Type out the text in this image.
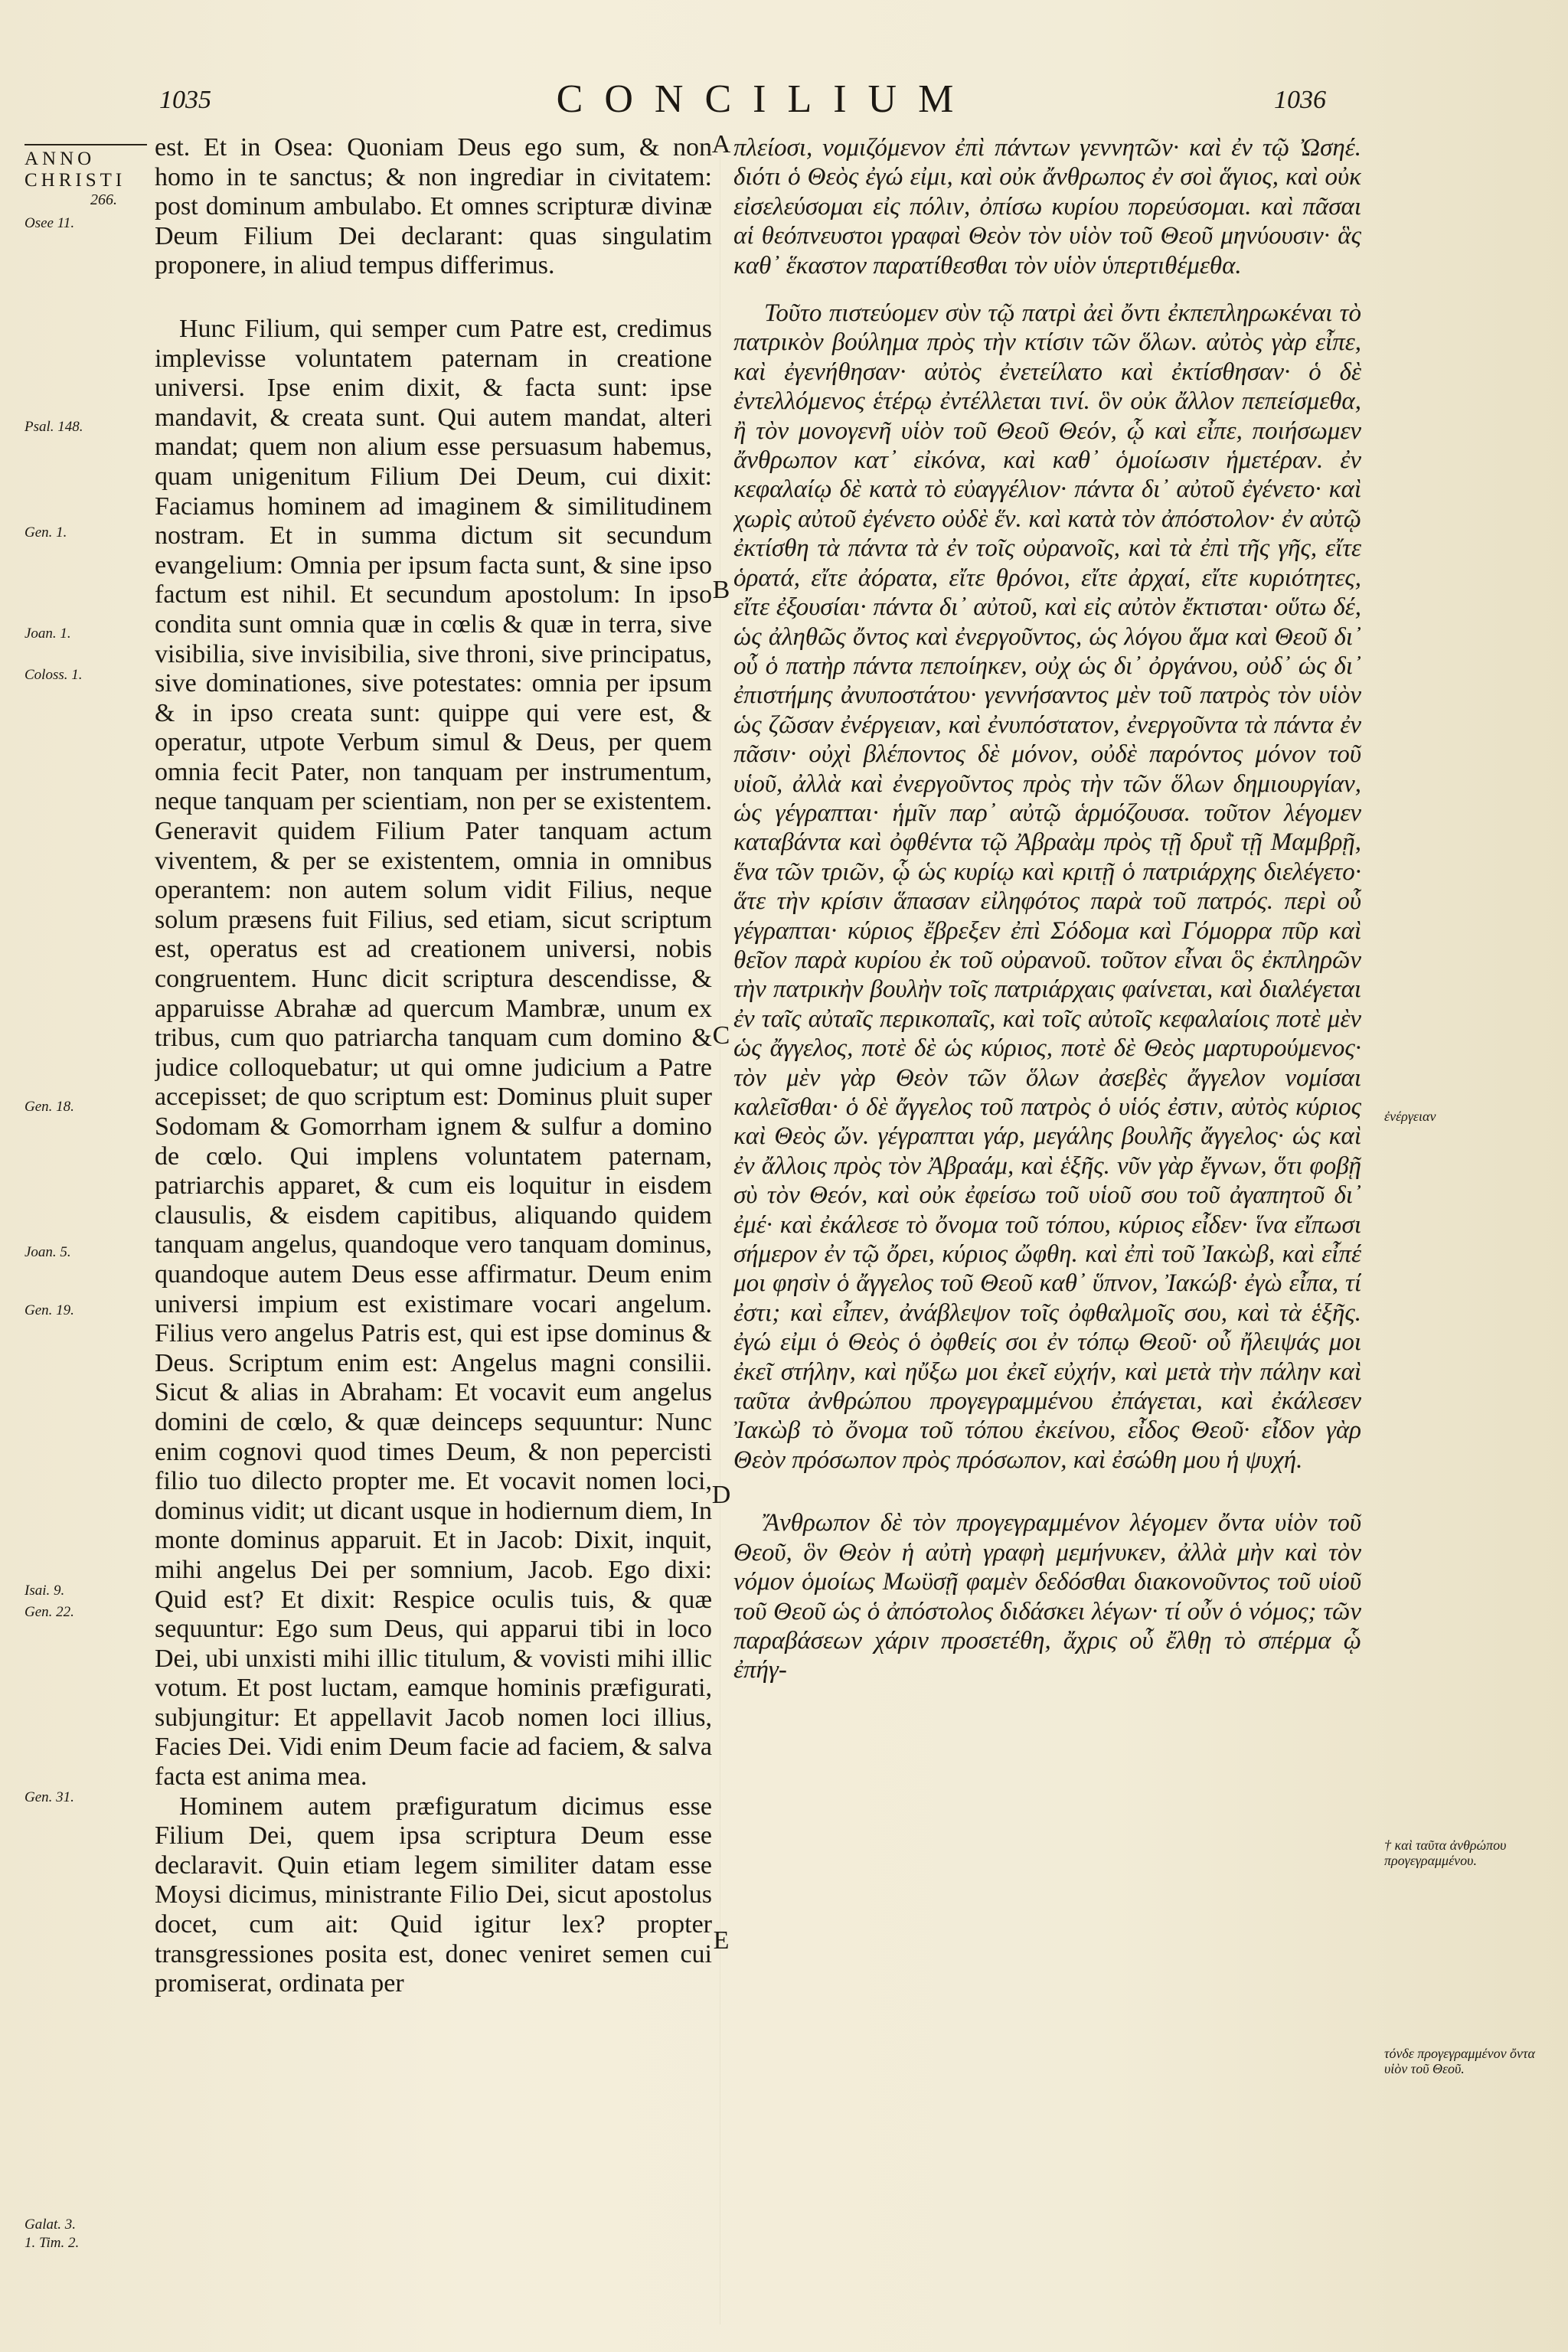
1035	CONCILIUM	1036
ANNO
CHRISTI
266.
Osee 11.
Psal. 148.
Gen. 1.
Joan. 1.
Coloss. 1.
Gen. 18.
Joan. 5.
Gen. 19.
Isai. 9.
Gen. 22.
Gen. 31.
Galat. 3.
1. Tim. 2.

est. Et in Osea: Quoniam Deus ego sum, & non homo in te sanctus; & non ingrediar in civitatem: post dominum ambulabo. Et omnes scripturæ divinæ Deum Filium Dei declarant: quas singulatim proponere, in aliud tempus differimus.

Hunc Filium, qui semper cum Patre est, credimus implevisse voluntatem paternam in creatione universi. Ipse enim dixit, & facta sunt: ipse mandavit, & creata sunt. Qui autem mandat, alteri mandat; quem non alium esse persuasum habemus, quam unigenitum Filium Dei Deum, cui dixit: Faciamus hominem ad imaginem & similitudinem nostram. Et in summa dictum sit secundum evangelium: Omnia per ipsum facta sunt, & sine ipso factum est nihil. Et secundum apostolum: In ipso condita sunt omnia quæ in cœlis & quæ in terra, sive visibilia, sive invisibilia, sive throni, sive principatus, sive dominationes, sive potestates: omnia per ipsum & in ipso creata sunt: quippe qui vere est, & operatur, utpote Verbum simul & Deus, per quem omnia fecit Pater, non tanquam per instrumentum, neque tanquam per scientiam, non per se existentem. Generavit quidem Filium Pater tanquam actum viventem, & per se existentem, omnia in omnibus operantem: non autem solum vidit Filius, neque solum præsens fuit Filius, sed etiam, sicut scriptum est, operatus est ad creationem universi, nobis congruentem. Hunc dicit scriptura descendisse, & apparuisse Abrahæ ad quercum Mambræ, unum ex tribus, cum quo patriarcha tanquam cum domino & judice colloquebatur; ut qui omne judicium a Patre accepisset; de quo scriptum est: Dominus pluit super Sodomam & Gomorrham ignem & sulfur a domino de cœlo. Qui implens voluntatem paternam, patriarchis apparet, & cum eis loquitur in eisdem clausulis, & eisdem capitibus, aliquando quidem tanquam angelus, quandoque vero tanquam dominus, quandoque autem Deus esse affirmatur. Deum enim universi impium est existimare vocari angelum. Filius vero angelus Patris est, qui est ipse dominus & Deus. Scriptum enim est: Angelus magni consilii. Sicut & alias in Abraham: Et vocavit eum angelus domini de cœlo, & quæ deinceps sequuntur: Nunc enim cognovi quod times Deum, & non pepercisti filio tuo dilecto propter me. Et vocavit nomen loci, dominus vidit; ut dicant usque in hodiernum diem, In monte dominus apparuit. Et in Jacob: Dixit, inquit, mihi angelus Dei per somnium, Jacob. Ego dixi: Quid est? Et dixit: Respice oculis tuis, & quæ sequuntur: Ego sum Deus, qui apparui tibi in loco Dei, ubi unxisti mihi illic titulum, & vovisti mihi illic votum. Et post luctam, eamque hominis præfigurati, subjungitur: Et appellavit Jacob nomen loci illius, Facies Dei. Vidi enim Deum facie ad faciem, & salva facta est anima mea.

Hominem autem præfiguratum dicimus esse Filium Dei, quem ipsa scriptura Deum esse declaravit. Quin etiam legem similiter datam esse Moysi dicimus, ministrante Filio Dei, sicut apostolus docet, cum ait: Quid igitur lex? propter transgressiones posita est, donec veniret semen cui promiserat, ordinata per

A
B
C
D
E

πλείοσι, νομιζόμενον ἐπὶ πάντων γεννητῶν· καὶ ἐν τῷ Ὠσηέ. διότι ὁ Θεὸς ἐγώ εἰμι, καὶ οὐκ ἄνθρωπος ἐν σοὶ ἅγιος, καὶ οὐκ εἰσελεύσομαι εἰς πόλιν, ὀπίσω κυρίου πορεύσομαι. καὶ πᾶσαι αἱ θεόπνευστοι γραφαὶ Θεὸν τὸν υἱὸν τοῦ Θεοῦ μηνύουσιν· ἃς καθ᾽ ἕκαστον παρατίθεσθαι τὸν υἱὸν ὑπερτιθέμεθα.

Τοῦτο πιστεύομεν σὺν τῷ πατρὶ ἀεὶ ὄντι ἐκπεπληρωκέναι τὸ πατρικὸν βούλημα πρὸς τὴν κτίσιν τῶν ὅλων. αὐτὸς γὰρ εἶπε, καὶ ἐγενήθησαν· αὐτὸς ἐνετείλατο καὶ ἐκτίσθησαν· ὁ δὲ ἐντελλόμενος ἑτέρῳ ἐντέλλεται τινί. ὃν οὐκ ἄλλον πεπείσμεθα, ἢ τὸν μονογενῆ υἱὸν τοῦ Θεοῦ Θεόν, ᾧ καὶ εἶπε, ποιήσωμεν ἄνθρωπον κατ᾽ εἰκόνα, καὶ καθ᾽ ὁμοίωσιν ἡμετέραν. ἐν κεφαλαίῳ δὲ κατὰ τὸ εὐαγγέλιον· πάντα δι᾽ αὐτοῦ ἐγένετο· καὶ χωρὶς αὐτοῦ ἐγένετο οὐδὲ ἕν. καὶ κατὰ τὸν ἀπόστολον· ἐν αὐτῷ ἐκτίσθη τὰ πάντα τὰ ἐν τοῖς οὐρανοῖς, καὶ τὰ ἐπὶ τῆς γῆς, εἴτε ὁρατά, εἴτε ἀόρατα, εἴτε θρόνοι, εἴτε ἀρχαί, εἴτε κυριότητες, εἴτε ἐξουσίαι· πάντα δι᾽ αὐτοῦ, καὶ εἰς αὐτὸν ἔκτισται· οὕτω δέ, ὡς ἀληθῶς ὄντος καὶ ἐνεργοῦντος, ὡς λόγου ἅμα καὶ Θεοῦ δι᾽ οὗ ὁ πατὴρ πάντα πεποίηκεν, οὐχ ὡς δι᾽ ὀργάνου, οὐδ᾽ ὡς δι᾽ ἐπιστήμης ἀνυποστάτου· γεννήσαντος μὲν τοῦ πατρὸς τὸν υἱὸν ὡς ζῶσαν ἐνέργειαν, καὶ ἐνυπόστατον, ἐνεργοῦντα τὰ πάντα ἐν πᾶσιν· οὐχὶ βλέποντος δὲ μόνον, οὐδὲ παρόντος μόνον τοῦ υἱοῦ, ἀλλὰ καὶ ἐνεργοῦντος πρὸς τὴν τῶν ὅλων δημιουργίαν, ὡς γέγραπται· ἡμῖν παρ᾽ αὐτῷ ἁρμόζουσα. τοῦτον λέγομεν καταβάντα καὶ ὀφθέντα τῷ Ἀβραὰμ πρὸς τῇ δρυῒ τῇ Μαμβρῇ, ἕνα τῶν τριῶν, ᾧ ὡς κυρίῳ καὶ κριτῇ ὁ πατριάρχης διελέγετο· ἅτε τὴν κρίσιν ἅπασαν εἰληφότος παρὰ τοῦ πατρός. περὶ οὗ γέγραπται· κύριος ἔβρεξεν ἐπὶ Σόδομα καὶ Γόμορρα πῦρ καὶ θεῖον παρὰ κυρίου ἐκ τοῦ οὐρανοῦ. τοῦτον εἶναι ὃς ἐκπληρῶν τὴν πατρικὴν βουλὴν τοῖς πατριάρχαις φαίνεται, καὶ διαλέγεται ἐν ταῖς αὐταῖς περικοπαῖς, καὶ τοῖς αὐτοῖς κεφαλαίοις ποτὲ μὲν ὡς ἄγγελος, ποτὲ δὲ ὡς κύριος, ποτὲ δὲ Θεὸς μαρτυρούμενος· τὸν μὲν γὰρ Θεὸν τῶν ὅλων ἀσεβὲς ἄγγελον νομίσαι καλεῖσθαι· ὁ δὲ ἄγγελος τοῦ πατρὸς ὁ υἱός ἐστιν, αὐτὸς κύριος καὶ Θεὸς ὤν. γέγραπται γάρ, μεγάλης βουλῆς ἄγγελος· ὡς καὶ ἐν ἄλλοις πρὸς τὸν Ἀβραάμ, καὶ ἑξῆς. νῦν γὰρ ἔγνων, ὅτι φοβῇ σὺ τὸν Θεόν, καὶ οὐκ ἐφείσω τοῦ υἱοῦ σου τοῦ ἀγαπητοῦ δι᾽ ἐμέ· καὶ ἐκάλεσε τὸ ὄνομα τοῦ τόπου, κύριος εἶδεν· ἵνα εἴπωσι σήμερον ἐν τῷ ὄρει, κύριος ὤφθη. καὶ ἐπὶ τοῦ Ἰακὼβ, καὶ εἶπέ μοι φησὶν ὁ ἄγγελος τοῦ Θεοῦ καθ᾽ ὕπνον, Ἰακώβ· ἐγὼ εἶπα, τί ἐστι; καὶ εἶπεν, ἀνάβλεψον τοῖς ὀφθαλμοῖς σου, καὶ τὰ ἑξῆς. ἐγώ εἰμι ὁ Θεὸς ὁ ὀφθείς σοι ἐν τόπῳ Θεοῦ· οὗ ἤλειψάς μοι ἐκεῖ στήλην, καὶ ηὔξω μοι ἐκεῖ εὐχήν, καὶ μετὰ τὴν πάλην καὶ ταῦτα ἀνθρώπου προγεγραμμένου ἐπάγεται, καὶ ἐκάλεσεν Ἰακὼβ τὸ ὄνομα τοῦ τόπου ἐκείνου, εἶδος Θεοῦ· εἶδον γὰρ Θεὸν πρόσωπον πρὸς πρόσωπον, καὶ ἐσώθη μου ἡ ψυχή.

Ἄνθρωπον δὲ τὸν προγεγραμμένον λέγομεν ὄντα υἱὸν τοῦ Θεοῦ, ὃν Θεὸν ἡ αὐτὴ γραφὴ μεμήνυκεν, ἀλλὰ μὴν καὶ τὸν νόμον ὁμοίως Μωϋσῇ φαμὲν δεδόσθαι διακονοῦντος τοῦ υἱοῦ τοῦ Θεοῦ ὡς ὁ ἀπόστολος διδάσκει λέγων· τί οὖν ὁ νόμος; τῶν παραβάσεων χάριν προσετέθη, ἄχρις οὗ ἔλθῃ τὸ σπέρμα ᾧ ἐπήγ-

ἐνέργειαν
† καὶ ταῦτα ἀνθρώπου προγεγραμμένου.
τόνδε προγεγραμμένον ὄντα υἱὸν τοῦ Θεοῦ.
